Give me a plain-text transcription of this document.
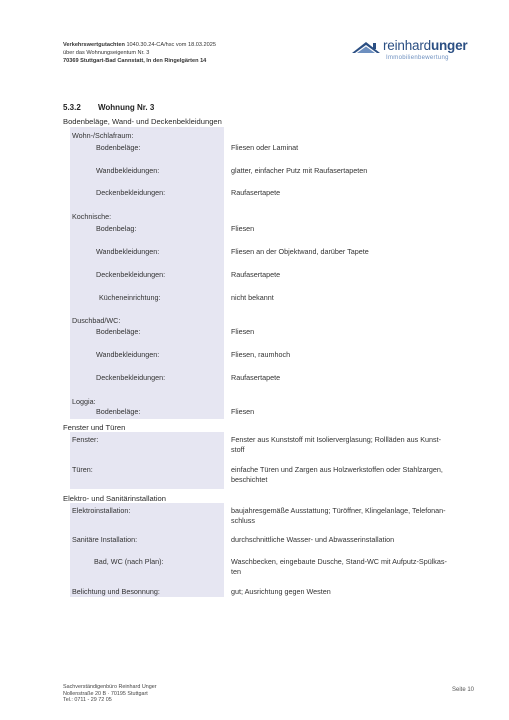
Verkehrswertgutachten 1040.30.24-CA/hsc vom 18.03.2025
über das Wohnungseigentum Nr. 3
70369 Stuttgart-Bad Cannstatt, In den Ringelgärten 14
reinhardunger
Immobilienbewertung
5.3.2 Wohnung Nr. 3
Bodenbeläge, Wand- und Deckenbekleidungen
Wohn-/Schlafraum:
Bodenbeläge:	Fliesen oder Laminat
Wandbekleidungen:	glatter, einfacher Putz mit Raufasertapeten
Deckenbekleidungen:	Raufasertapete
Kochnische:
Bodenbelag:	Fliesen
Wandbekleidungen:	Fliesen an der Objektwand, darüber Tapete
Deckenbekleidungen:	Raufasertapete
Kücheneinrichtung:	nicht bekannt
Duschbad/WC:
Bodenbeläge:	Fliesen
Wandbekleidungen:	Fliesen, raumhoch
Deckenbekleidungen:	Raufasertapete
Loggia:
Bodenbeläge:	Fliesen
Fenster und Türen
Fenster:	Fenster aus Kunststoff mit Isolierverglasung; Rollläden aus Kunst-
stoff
Türen:	einfache Türen und Zargen aus Holzwerkstoffen oder Stahlzargen,
beschichtet
Elektro- und Sanitärinstallation
Elektroinstallation:	baujahresgemäße Ausstattung; Türöffner, Klingelanlage, Telefonan-
schluss
Sanitäre Installation:	durchschnittliche Wasser- und Abwasserinstallation
Bad, WC (nach Plan):	Waschbecken, eingebaute Dusche, Stand-WC mit Aufputz-Spülkas-
ten
Belichtung und Besonnung:	gut; Ausrichtung gegen Westen
Sachverständigenbüro Reinhard Unger
Nollenstraße 20 B · 70195 Stuttgart
Tel.: 0711 - 29 72 05
Seite 10
